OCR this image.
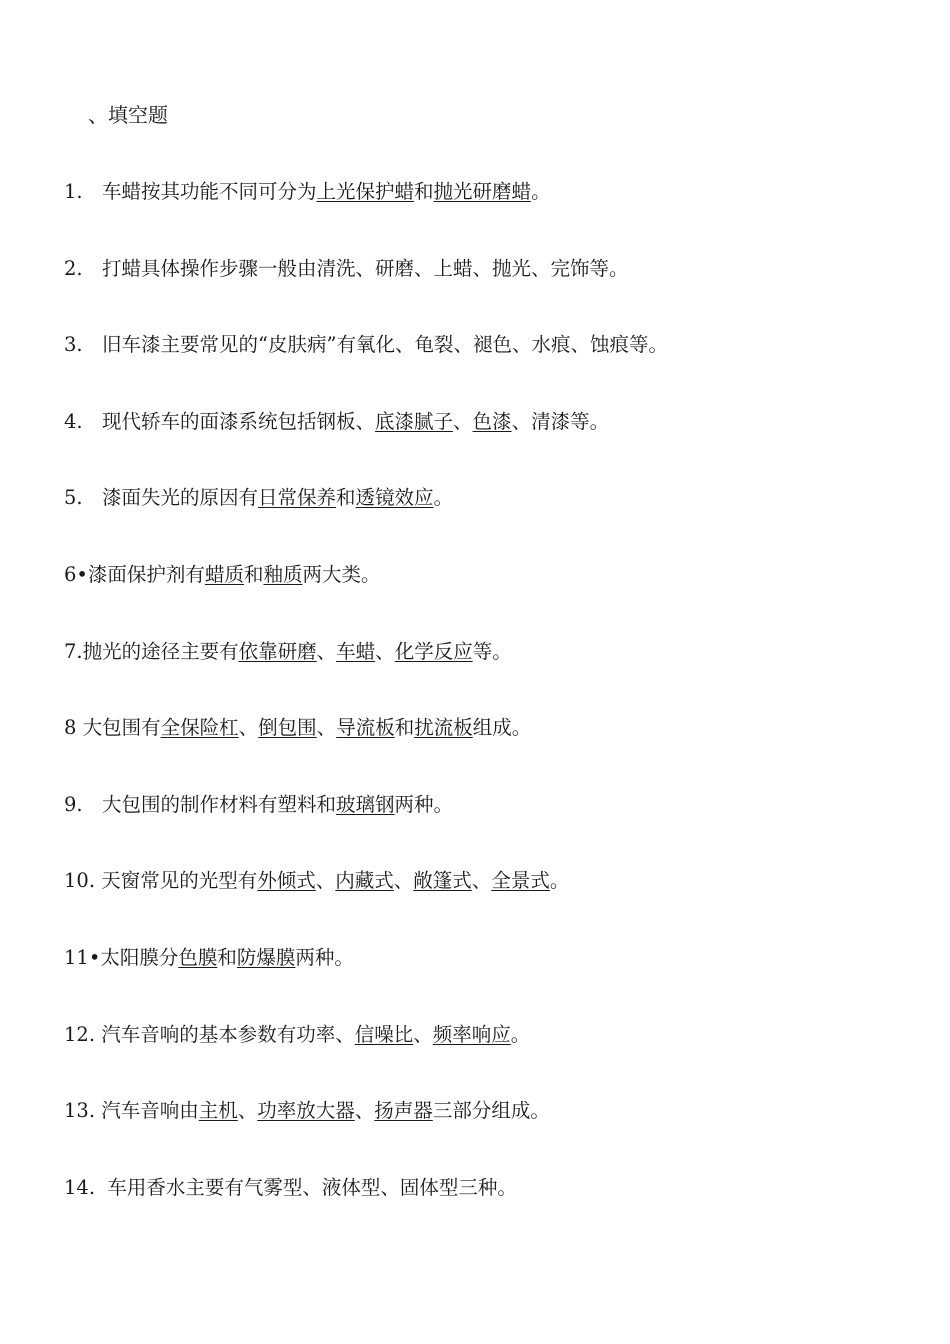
、填空题
1. 车蜡按其功能不同可分为上光保护蜡和抛光研磨蜡。
2. 打蜡具体操作步骤一般由清洗、研磨、上蜡、抛光、完饰等。
3. 旧车漆主要常见的“皮肤病”有氧化、龟裂、褪色、水痕、蚀痕等。
4. 现代轿车的面漆系统包括钢板、底漆腻子、色漆、清漆等。
5. 漆面失光的原因有日常保养和透镜效应。
6•漆面保护剂有蜡质和釉质两大类。
7.抛光的途径主要有依靠研磨、车蜡、化学反应等。
8 大包围有全保险杠、倒包围、导流板和扰流板组成。
9. 大包围的制作材料有塑料和玻璃钢两种。
10. 天窗常见的光型有外倾式、内藏式、敞篷式、全景式。
11•太阳膜分色膜和防爆膜两种。
12. 汽车音响的基本参数有功率、信噪比、频率响应。
13. 汽车音响由主机、功率放大器、扬声器三部分组成。
14.  车用香水主要有气雾型、液体型、固体型三种。
